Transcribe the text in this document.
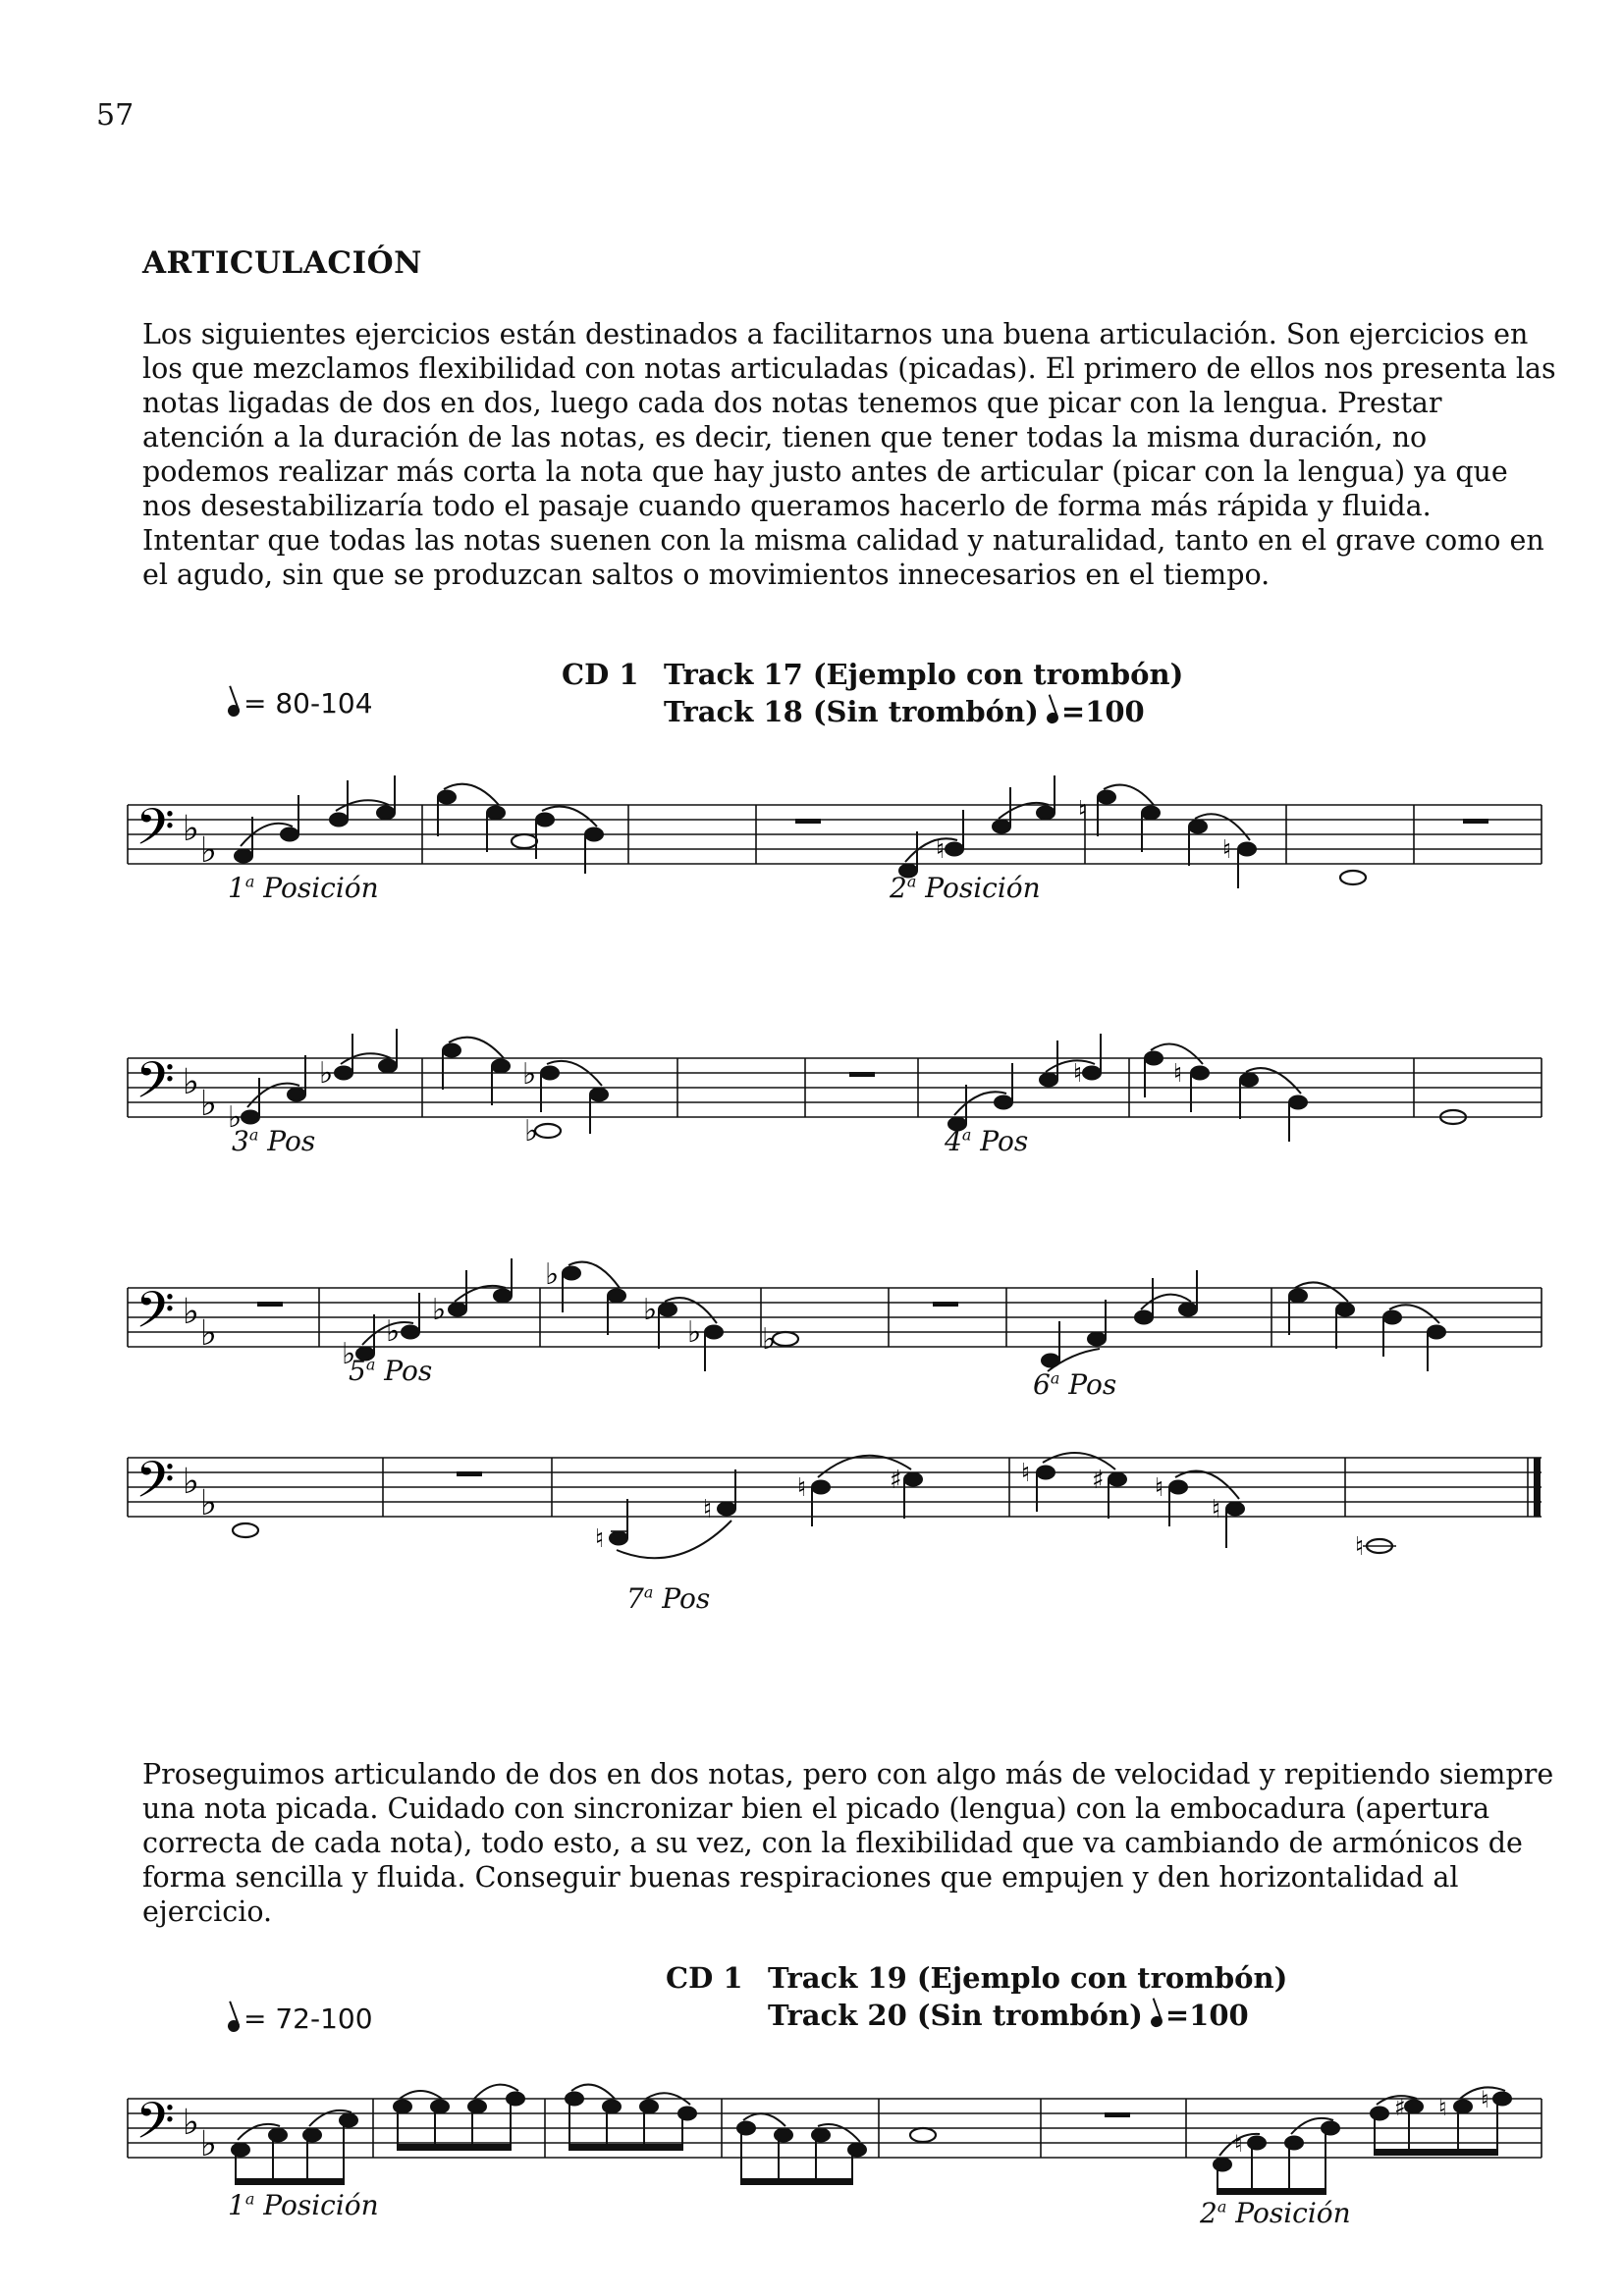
57
ARTICULACIÓN
Los siguientes ejercicios están destinados a facilitarnos una buena articulación. Son ejercicios en los que mezclamos flexibilidad con notas articuladas (picadas). El primero de ellos nos presenta las notas ligadas de dos en dos, luego cada dos notas tenemos que picar con la lengua. Prestar atención a la duración de las notas, es decir, tienen que tener todas la misma duración, no podemos realizar más corta la nota que hay justo antes de articular (picar con la lengua) ya que nos desestabilizaría todo el pasaje cuando queramos hacerlo de forma más rápida y fluida. Intentar que todas las notas suenen con la misma calidad y naturalidad, tanto en el grave como en el agudo, sin que se produzcan saltos o movimientos innecesarios en el tiempo.
CD 1 Track 17 (Ejemplo con trombón)
Track 18 (Sin trombón) =100
= 80-104
𝄢 ♭
♭	♮
♮
♮
1$^a$ Posición	2$^a$ Posición
𝄢 ♭
♭ ♭
♭	♭
♭
♮	♮
3$^a$ Pos	4$^a$ Pos
𝄢 ♭
♭
♭
♭
♭
♭
♭
♭ ♭
5$^a$ Pos	6$^a$ Pos
𝄢 ♭
♭
♮
♮
♮	♯	♮ ♯ ♮
♮
♮
7$^a$ Pos
Proseguimos articulando de dos en dos notas, pero con algo más de velocidad y repitiendo siempre una nota picada. Cuidado con sincronizar bien el picado (lengua) con la embocadura (apertura correcta de cada nota), todo esto, a su vez, con la flexibilidad que va cambiando de armónicos de forma sencilla y fluida. Conseguir buenas respiraciones que empujen y den horizontalidad al ejercicio.
CD 1 Track 19 (Ejemplo con trombón)
Track 20 (Sin trombón) =100
= 72-100
𝄢 ♭
♭	♮
♯ ♮ ♮
1$^a$ Posición	2$^a$ Posición
